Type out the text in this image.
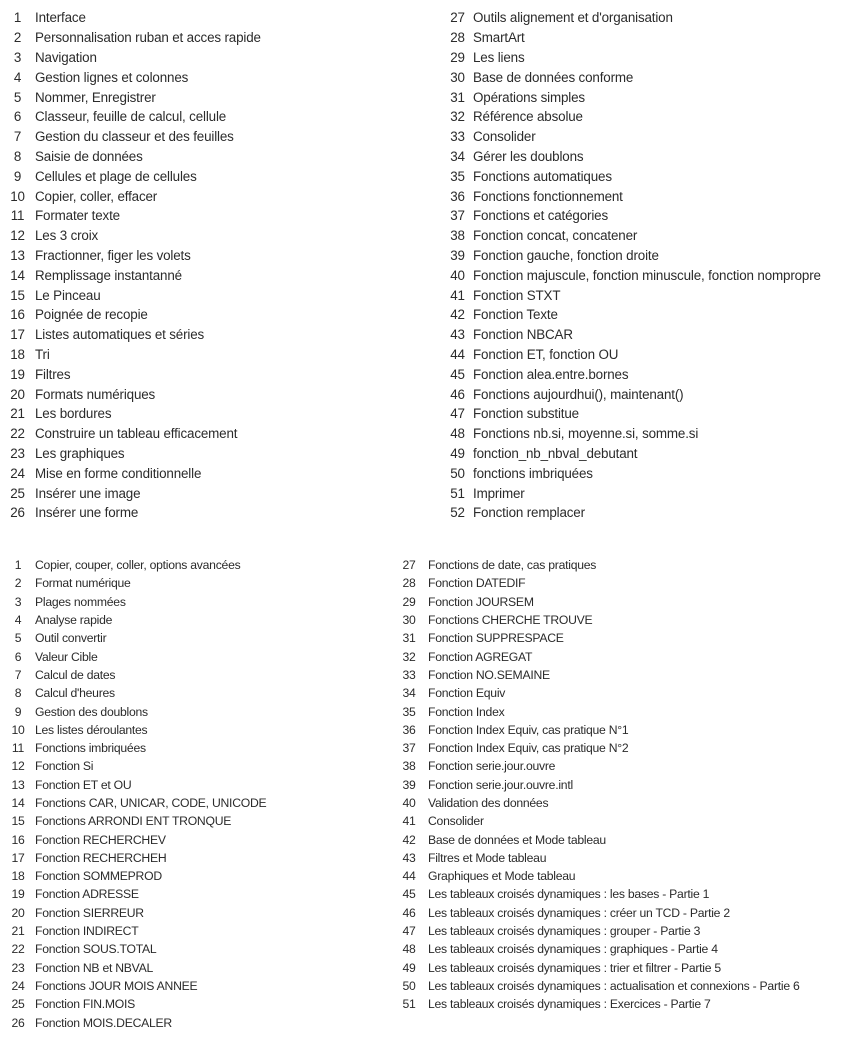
1	Interface
2	Personnalisation ruban et acces rapide
3	Navigation
4	Gestion lignes et colonnes
5	Nommer, Enregistrer
6	Classeur, feuille de calcul, cellule
7	Gestion du classeur et des feuilles
8	Saisie de données
9	Cellules et plage de cellules
10 Copier, coller, effacer
11 Formater texte
12 Les 3 croix
13 Fractionner, figer les volets
14 Remplissage instantanné
15 Le Pinceau
16 Poignée de recopie
17 Listes automatiques et séries
18 Tri
19 Filtres
20 Formats numériques
21 Les bordures
22 Construire un tableau efficacement
23 Les graphiques
24 Mise en forme conditionnelle
25 Insérer une image
26 Insérer une forme
27 Outils alignement et d'organisation
28 SmartArt
29 Les liens
30 Base de données conforme
31 Opérations simples
32 Référence absolue
33 Consolider
34 Gérer les doublons
35 Fonctions automatiques
36 Fonctions fonctionnement
37 Fonctions et catégories
38 Fonction concat, concatener
39 Fonction gauche, fonction droite
40 Fonction majuscule, fonction minuscule, fonction nompropre
41 Fonction STXT
42 Fonction Texte
43 Fonction NBCAR
44 Fonction ET, fonction OU
45 Fonction alea.entre.bornes
46 Fonctions aujourdhui(), maintenant()
47 Fonction substitue
48 Fonctions nb.si, moyenne.si, somme.si
49 fonction_nb_nbval_debutant
50 fonctions imbriquées
51 Imprimer
52 Fonction remplacer
1	Copier, couper, coller, options avancées
2	Format numérique
3	Plages nommées
4	Analyse rapide
5	Outil convertir
6	Valeur Cible
7	Calcul de dates
8	Calcul d'heures
9	Gestion des doublons
10 Les listes déroulantes
11 Fonctions imbriquées
12 Fonction Si
13 Fonction ET et OU
14 Fonctions CAR, UNICAR, CODE, UNICODE
15 Fonctions ARRONDI ENT TRONQUE
16 Fonction RECHERCHEV
17 Fonction RECHERCHEH
18 Fonction SOMMEPROD
19 Fonction ADRESSE
20 Fonction SIERREUR
21 Fonction INDIRECT
22 Fonction SOUS.TOTAL
23 Fonction NB et NBVAL
24 Fonctions JOUR MOIS ANNEE
25 Fonction FIN.MOIS
26 Fonction MOIS.DECALER
27 Fonctions de date, cas pratiques
28 Fonction DATEDIF
29 Fonction JOURSEM
30 Fonctions CHERCHE TROUVE
31 Fonction SUPPRESPACE
32 Fonction AGREGAT
33 Fonction NO.SEMAINE
34 Fonction Equiv
35 Fonction Index
36 Fonction Index Equiv, cas pratique N°1
37 Fonction Index Equiv, cas pratique N°2
38 Fonction serie.jour.ouvre
39 Fonction serie.jour.ouvre.intl
40 Validation des données
41 Consolider
42 Base de données et Mode tableau
43 Filtres et Mode tableau
44 Graphiques et Mode tableau
45 Les tableaux croisés dynamiques : les bases - Partie 1
46 Les tableaux croisés dynamiques : créer un TCD - Partie 2
47 Les tableaux croisés dynamiques : grouper - Partie 3
48 Les tableaux croisés dynamiques : graphiques - Partie 4
49 Les tableaux croisés dynamiques : trier et filtrer - Partie 5
50 Les tableaux croisés dynamiques : actualisation et connexions - Partie 6
51 Les tableaux croisés dynamiques : Exercices - Partie 7
